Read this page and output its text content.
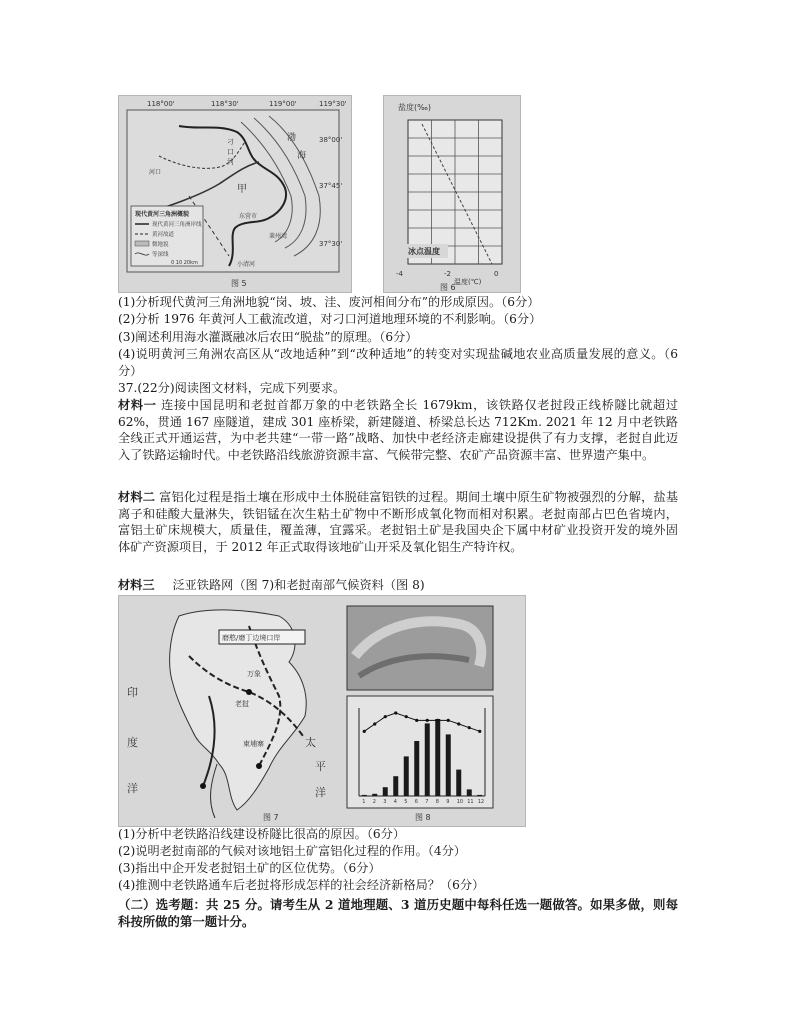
118°00'	118°30'	119°00'	119°30'
38°00'
37°45'
37°30'
渤
海
刁
口
河
甲
河口
东营市
小清河
莱州湾
现代黄河三角洲概貌
现代黄河三角洲岸线
黄河故道
微地貌
等深线
0 10 20km
图 5
盐度(‰)
冰点温度
-4	-2	0
温度(℃)
图 6
(1)分析现代黄河三角洲地貌“岗、坡、洼、废河相间分布”的形成原因。（6分）
(2)分析 1976 年黄河人工截流改道，对刁口河道地理环境的不利影响。（6分）
(3)阐述利用海水灌溉融冰后农田“脱盐”的原理。（6分）
(4)说明黄河三角洲农高区从“改地适种”到“改种适地”的转变对实现盐碱地农业高质量发展的意义。（6分）
37.(22分)阅读图文材料，完成下列要求。
材料一 连接中国昆明和老挝首都万象的中老铁路全长 1679km，该铁路仅老挝段正线桥隧比就超过 62%，贯通 167 座隧道，建成 301 座桥梁，新建隧道、桥梁总长达 712Km. 2021 年 12 月中老铁路全线正式开通运营，为中老共建“一带一路”战略、加快中老经济走廊建设提供了有力支撑，老挝自此迈入了铁路运输时代。中老铁路沿线旅游资源丰富、气候带完整、农矿产品资源丰富、世界遗产集中。
材料二 富铝化过程是指土壤在形成中土体脱硅富铝铁的过程。期间土壤中原生矿物被强烈的分解，盐基离子和硅酸大量淋失，铁铝锰在次生粘土矿物中不断形成氧化物而相对积累。老挝南部占巴色省境内，富铝土矿床规模大，质量佳，覆盖薄，宜露采。老挝铝土矿是我国央企下属中材矿业投资开发的境外固体矿产资源项目，于 2012 年正式取得该地矿山开采及氧化铝生产特许权。
材料三 泛亚铁路网（图 7)和老挝南部气候资料（图 8)
磨憨/磨丁边境口岸
万象
老挝
柬埔寨
印
度
洋
太
平
洋
图 7
1 2 3 4 5 6 7 8 9 10 11 12
图 8
(1)分析中老铁路沿线建设桥隧比很高的原因。（6分）
(2)说明老挝南部的气候对该地铝土矿富铝化过程的作用。（4分）
(3)指出中企开发老挝铝土矿的区位优势。（6分）
(4)推测中老铁路通车后老挝将形成怎样的社会经济新格局？（6分）
（二）选考题：共 25 分。请考生从 2 道地理题、3 道历史题中每科任选一题做答。如果多做，则每科按所做的第一题计分。
